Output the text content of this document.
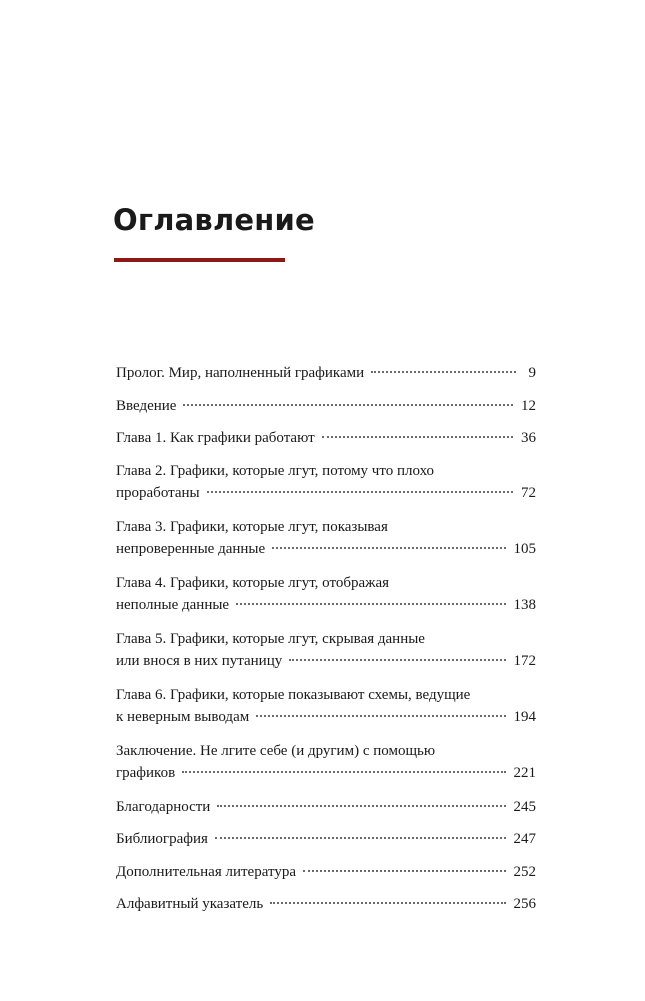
Оглавление
Пролог. Мир, наполненный графиками	9
Введение	12
Глава 1. Как графики работают	36
Глава 2. Графики, которые лгут, потому что плохо
проработаны	72
Глава 3. Графики, которые лгут, показывая
непроверенные данные	105
Глава 4. Графики, которые лгут, отображая
неполные данные	138
Глава 5. Графики, которые лгут, скрывая данные
или внося в них путаницу	172
Глава 6. Графики, которые показывают схемы, ведущие
к неверным выводам	194
Заключение. Не лгите себе (и другим) с помощью
графиков	221
Благодарности	245
Библиография	247
Дополнительная литература	252
Алфавитный указатель	256
